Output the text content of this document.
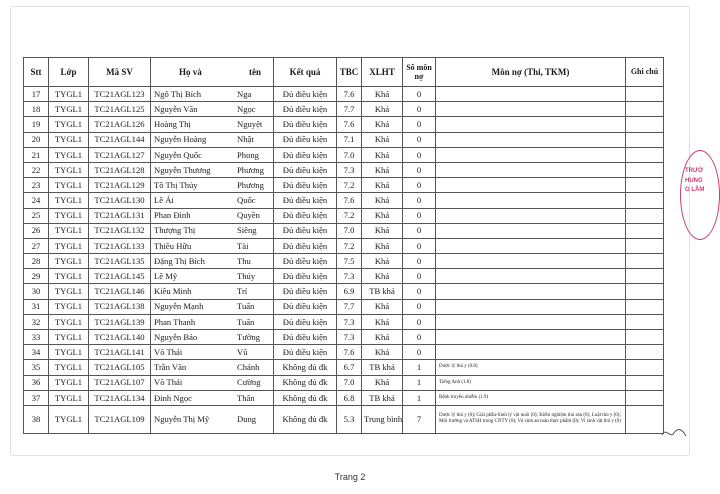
Stt	Lớp	Mã SV	Họ và tên	Kết quả	TBC	XLHT	Số môn nợ	Môn nợ (Thi, TKM)	Ghi chú
17	TYGL1	TC21AGL123	Ngô Thị Bích Nga	Đủ điều kiện	7.6	Khá	0		
18	TYGL1	TC21AGL125	Nguyễn Văn Ngọc	Đủ điều kiện	7.7	Khá	0		
19	TYGL1	TC21AGL126	Hoàng Thị Nguyệt	Đủ điều kiện	7.6	Khá	0		
20	TYGL1	TC21AGL144	Nguyễn Hoàng Nhật	Đủ điều kiện	7.1	Khá	0		
21	TYGL1	TC21AGL127	Nguyễn Quốc Phong	Đủ điều kiện	7.0	Khá	0		
22	TYGL1	TC21AGL128	Nguyễn Thương Phương	Đủ điều kiện	7.3	Khá	0		
23	TYGL1	TC21AGL129	Tô Thị Thúy Phương	Đủ điều kiện	7.2	Khá	0		
24	TYGL1	TC21AGL130	Lê Ái Quốc	Đủ điều kiện	7.6	Khá	0		
25	TYGL1	TC21AGL131	Phan Đình Quyền	Đủ điều kiện	7.2	Khá	0		
26	TYGL1	TC21AGL132	Thượng Thị Siêng	Đủ điều kiện	7.0	Khá	0		
27	TYGL1	TC21AGL133	Thiều Hữu Tài	Đủ điều kiện	7.2	Khá	0		
28	TYGL1	TC21AGL135	Đặng Thị Bích Thu	Đủ điều kiện	7.5	Khá	0		
29	TYGL1	TC21AGL145	Lê Mỹ Thúy	Đủ điều kiện	7.3	Khá	0		
30	TYGL1	TC21AGL146	Kiều Minh Trí	Đủ điều kiện	6.9	TB khá	0		
31	TYGL1	TC21AGL138	Nguyễn Mạnh Tuấn	Đủ điều kiện	7.7	Khá	0		
32	TYGL1	TC21AGL139	Phan Thanh Tuấn	Đủ điều kiện	7.3	Khá	0		
33	TYGL1	TC21AGL140	Nguyễn Bảo Tường	Đủ điều kiện	7.3	Khá	0		
34	TYGL1	TC21AGL141	Võ Thái Vũ	Đủ điều kiện	7.6	Khá	0		
35	TYGL1	TC21AGL105	Trần Văn Chánh	Không đủ đk	6.7	TB khá	1	Dược lý thú y (0.8)	
36	TYGL1	TC21AGL107	Võ Thái Cường	Không đủ đk	7.0	Khá	1	Tiếng Anh (1.8)	
37	TYGL1	TC21AGL134	Đinh Ngọc Thân	Không đủ đk	6.8	TB khá	1	Bệnh truyền nhiễm (1.9)	
38	TYGL1	TC21AGL109	Nguyễn Thị Mỹ Dung	Không đủ đk	5.3	Trung bình	7	Dược lý thú y (0); Giải phẫu-Sinh lý vật nuôi (0); Kiểm nghiệm thú sản (0); Luật thú y (0); Môi trường và ATSH trong CNTY (0); Vệ sinh an toàn thực phẩm (0); Vi sinh vật thú y (0)	
TRƯỜ
HUNG
G LÂM
Trang 2
